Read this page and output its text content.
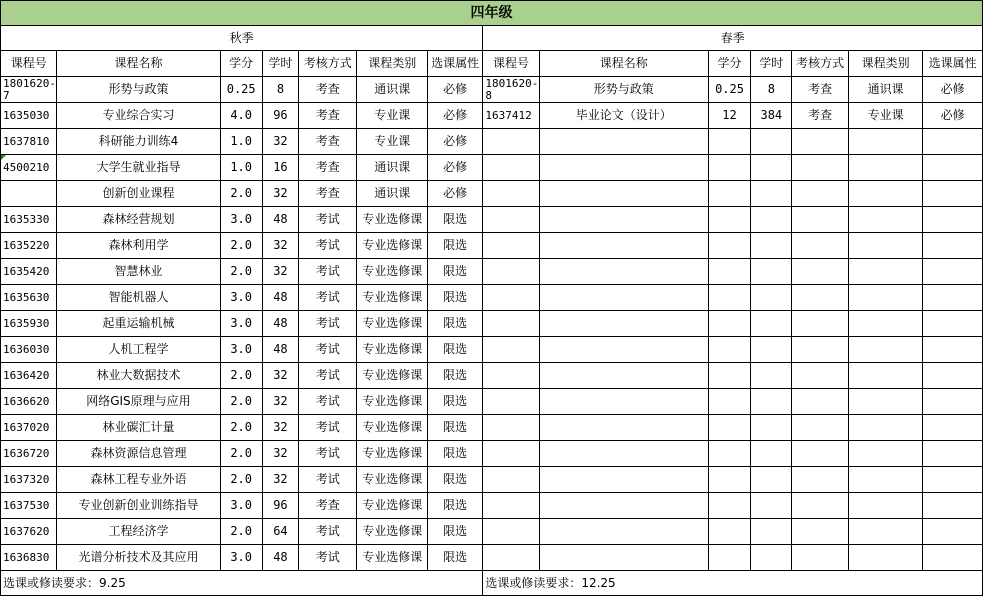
四年级													
秋季							春季						
课程号	课程名称	学分	学时	考核方式	课程类别	选课属性	课程号	课程名称	学分	学时	考核方式	课程类别	选课属性
1801620-7	形势与政策	0.25	8	考查	通识课	必修	1801620-8	形势与政策	0.25	8	考查	通识课	必修
1635030	专业综合实习	4.0	96	考查	专业课	必修	1637412	毕业论文（设计）	12	384	考查	专业课	必修
1637810	科研能力训练4	1.0	32	考查	专业课	必修							
4500210	大学生就业指导	1.0	16	考查	通识课	必修							
	创新创业课程	2.0	32	考查	通识课	必修							
1635330	森林经营规划	3.0	48	考试	专业选修课	限选							
1635220	森林利用学	2.0	32	考试	专业选修课	限选							
1635420	智慧林业	2.0	32	考试	专业选修课	限选							
1635630	智能机器人	3.0	48	考试	专业选修课	限选							
1635930	起重运输机械	3.0	48	考试	专业选修课	限选							
1636030	人机工程学	3.0	48	考试	专业选修课	限选							
1636420	林业大数据技术	2.0	32	考试	专业选修课	限选							
1636620	网络GIS原理与应用	2.0	32	考试	专业选修课	限选							
1637020	林业碳汇计量	2.0	32	考试	专业选修课	限选							
1636720	森林资源信息管理	2.0	32	考试	专业选修课	限选							
1637320	森林工程专业外语	2.0	32	考试	专业选修课	限选							
1637530	专业创新创业训练指导	3.0	96	考查	专业选修课	限选							
1637620	工程经济学	2.0	64	考试	专业选修课	限选							
1636830	光谱分析技术及其应用	3.0	48	考试	专业选修课	限选							
选课或修读要求：9.25							选课或修读要求：12.25						
